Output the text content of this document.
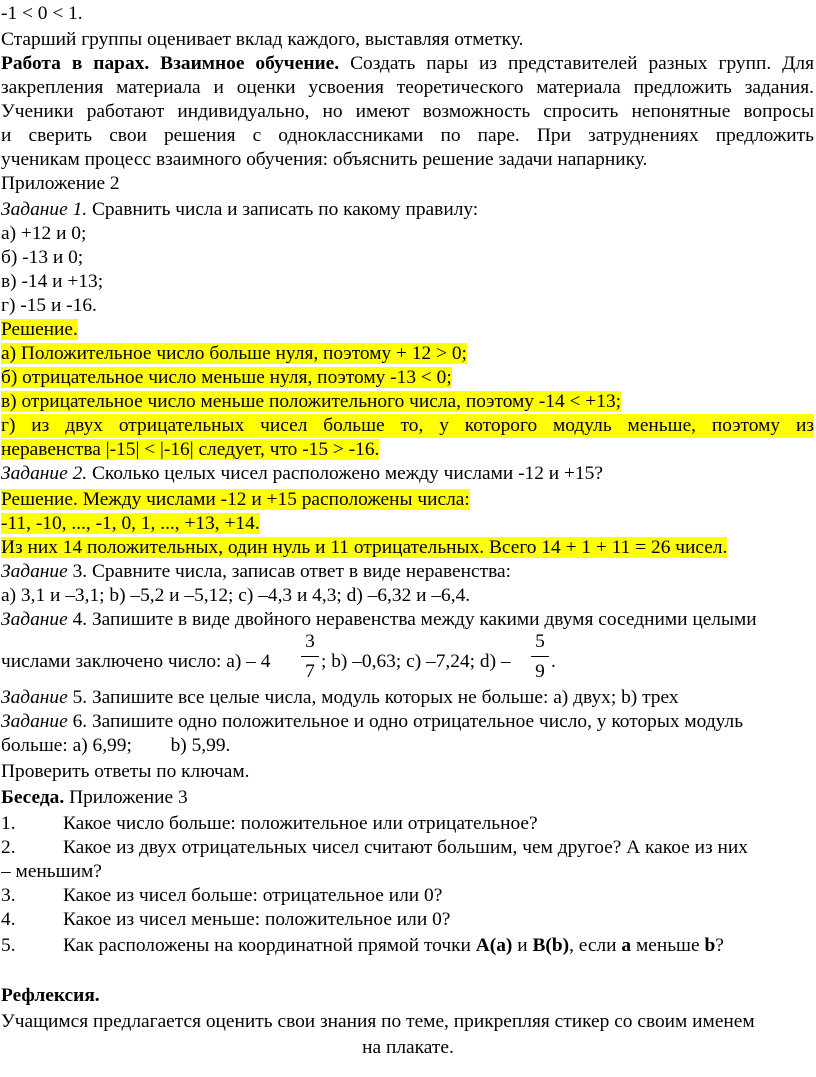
-1 < 0 < 1.
Старший группы оценивает вклад каждого, выставляя отметку.
Работа в парах. Взаимное обучение. Создать пары из представителей разных групп. Для
закрепления материала и оценки усвоения теоретического материала предложить задания.
Ученики работают индивидуально, но имеют возможность спросить непонятные вопросы
и сверить свои решения с одноклассниками по паре. При затруднениях предложить
ученикам процесс взаимного обучения: объяснить решение задачи напарнику.
Приложение 2
Задание 1. Сравнить числа и записать по какому правилу:
а) +12 и 0;
б) -13 и 0;
в) -14 и +13;
г) -15 и -16.
Решение.
а) Положительное число больше нуля, поэтому + 12 > 0;
б) отрицательное число меньше нуля, поэтому -13 < 0;
в) отрицательное число меньше положительного числа, поэтому -14 < +13;
г) из двух отрицательных чисел больше то, у которого модуль меньше, поэтому из
неравенства |-15| < |-16| следует, что -15 > -16.
Задание 2. Сколько целых чисел расположено между числами -12 и +15?
Решение. Между числами -12 и +15 расположены числа:
-11, -10, ..., -1, 0, 1, ..., +13, +14.
Из них 14 положительных, один нуль и 11 отрицательных. Всего 14 + 1 + 11 = 26 чисел.
Задание 3. Сравните числа, записав ответ в виде неравенства:
а) 3,1 и –3,1; b) –5,2 и –5,12; c) –4,3 и 4,3; d) –6,32 и –6,4.
Задание 4. Запишите в виде двойного неравенства между какими двумя соседними целыми
числами заключено число: а) – 4
3
7 ; b) –0,63; с) –7,24; d) –
5
9 .
Задание 5. Запишите все целые числа, модуль которых не больше: а) двух; b) трех
Задание 6. Запишите одно положительное и одно отрицательное число, у которых модуль
больше: а) 6,99;        b) 5,99.
Проверить ответы по ключам.
Беседа. Приложение 3
1. Какое число больше: положительное или отрицательное?
2. Какое из двух отрицательных чисел считают большим, чем другое? А какое из них
– меньшим?
3. Какое из чисел больше: отрицательное или 0?
4. Какое из чисел меньше: положительное или 0?
5. Как расположены на координатной прямой точки А(а) и В(b), если а меньше b?
Рефлексия.
Учащимся предлагается оценить свои знания по теме, прикрепляя стикер со своим именем
на плакате.
